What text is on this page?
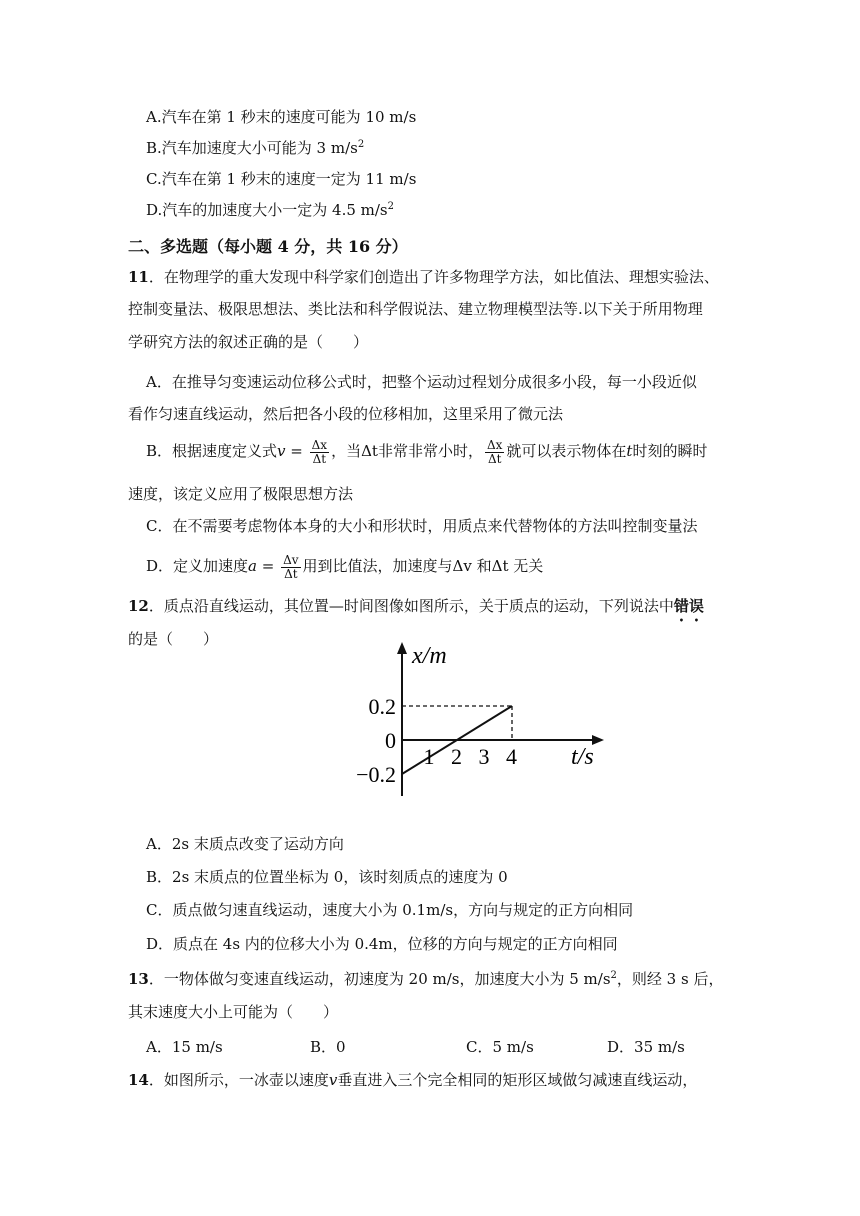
A.汽车在第 1 秒末的速度可能为 10 m/s
B.汽车加速度大小可能为 3 $m/s^2$
C.汽车在第 1 秒末的速度一定为 11 m/s
D.汽车的加速度大小一定为 4.5 $m/s^2$
二、多选题（每小题 4 分，共 16 分）
11．在物理学的重大发现中科学家们创造出了许多物理学方法，如比值法、理想实验法、
控制变量法、极限思想法、类比法和科学假说法、建立物理模型法等.以下关于所用物理
学研究方法的叙述正确的是（　　）
A．在推导匀变速运动位移公式时，把整个运动过程划分成很多小段，每一小段近似
看作匀速直线运动，然后把各小段的位移相加，这里采用了微元法
B．根据速度定义式$v = \frac{\Delta x}{\Delta t}$ ，当Δt非常非常小时， $\frac{\Delta x}{\Delta t}$ 就可以表示物体在t时刻的瞬时
速度，该定义应用了极限思想方法
C．在不需要考虑物体本身的大小和形状时，用质点来代替物体的方法叫控制变量法
D．定义加速度$a = \frac{\Delta v}{\Delta t}$ 用到比值法，加速度与Δv 和Δt 无关
12．质点沿直线运动，其位置—时间图像如图所示，关于质点的运动，下列说法中错误
的是（　　）
x/m
t/s
1 2 3 4
0.2
0
−0.2
A．2s 末质点改变了运动方向
B．2s 末质点的位置坐标为 0，该时刻质点的速度为 0
C．质点做匀速直线运动，速度大小为 0.1m/s，方向与规定的正方向相同
D．质点在 4s 内的位移大小为 0.4m，位移的方向与规定的正方向相同
13．一物体做匀变速直线运动，初速度为 20 m/s，加速度大小为 5 $m/s^2$，则经 3 s 后，
其末速度大小上可能为（　　）
A．15 m/s	B．0	C．5 m/s	D．35 m/s
14．如图所示，一冰壶以速度v垂直进入三个完全相同的矩形区域做匀减速直线运动，
